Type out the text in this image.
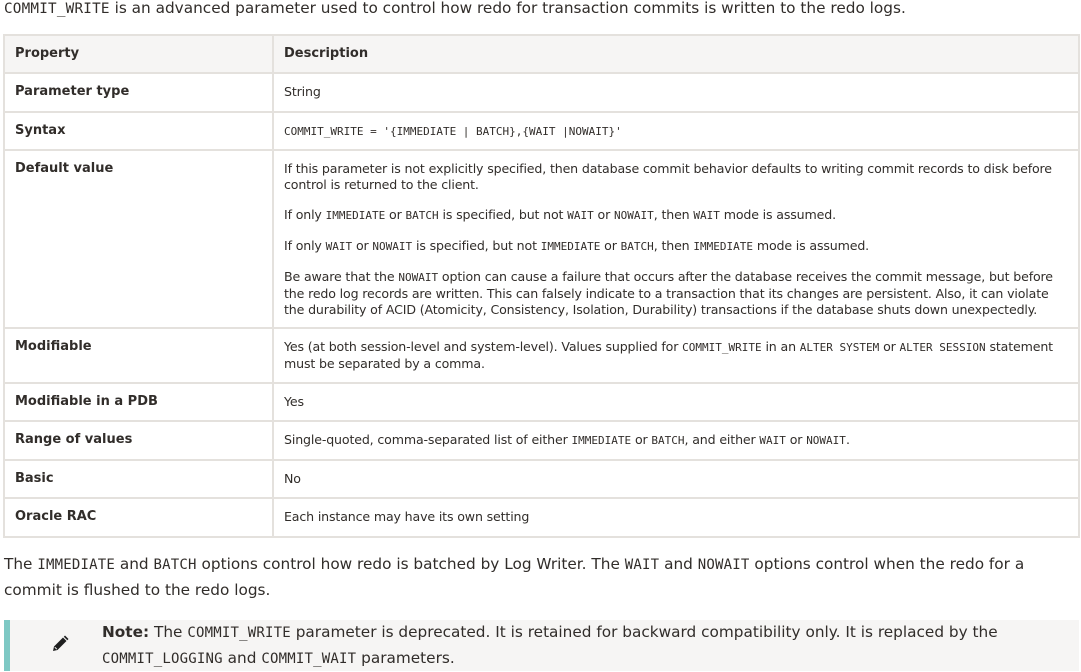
COMMIT_WRITE is an advanced parameter used to control how redo for transaction commits is written to the redo logs.
Property	Description
Parameter type	String
Syntax	COMMIT_WRITE = '{IMMEDIATE | BATCH},{WAIT |NOWAIT}'
Default value	If this parameter is not explicitly specified, then database commit behavior defaults to writing commit records to disk before control is returned to the client.

If only IMMEDIATE or BATCH is specified, but not WAIT or NOWAIT, then WAIT mode is assumed.

If only WAIT or NOWAIT is specified, but not IMMEDIATE or BATCH, then IMMEDIATE mode is assumed.

Be aware that the NOWAIT option can cause a failure that occurs after the database receives the commit message, but before the redo log records are written. This can falsely indicate to a transaction that its changes are persistent. Also, it can violate the durability of ACID (Atomicity, Consistency, Isolation, Durability) transactions if the database shuts down unexpectedly.

Modifiable	Yes (at both session-level and system-level). Values supplied for COMMIT_WRITE in an ALTER SYSTEM or ALTER SESSION statement must be separated by a comma.
Modifiable in a PDB	Yes
Range of values	Single-quoted, comma-separated list of either IMMEDIATE or BATCH, and either WAIT or NOWAIT.
Basic	No
Oracle RAC	Each instance may have its own setting
The IMMEDIATE and BATCH options control how redo is batched by Log Writer. The WAIT and NOWAIT options control when the redo for a commit is flushed to the redo logs.
Note: The COMMIT_WRITE parameter is deprecated. It is retained for backward compatibility only. It is replaced by the COMMIT_LOGGING and COMMIT_WAIT parameters.
